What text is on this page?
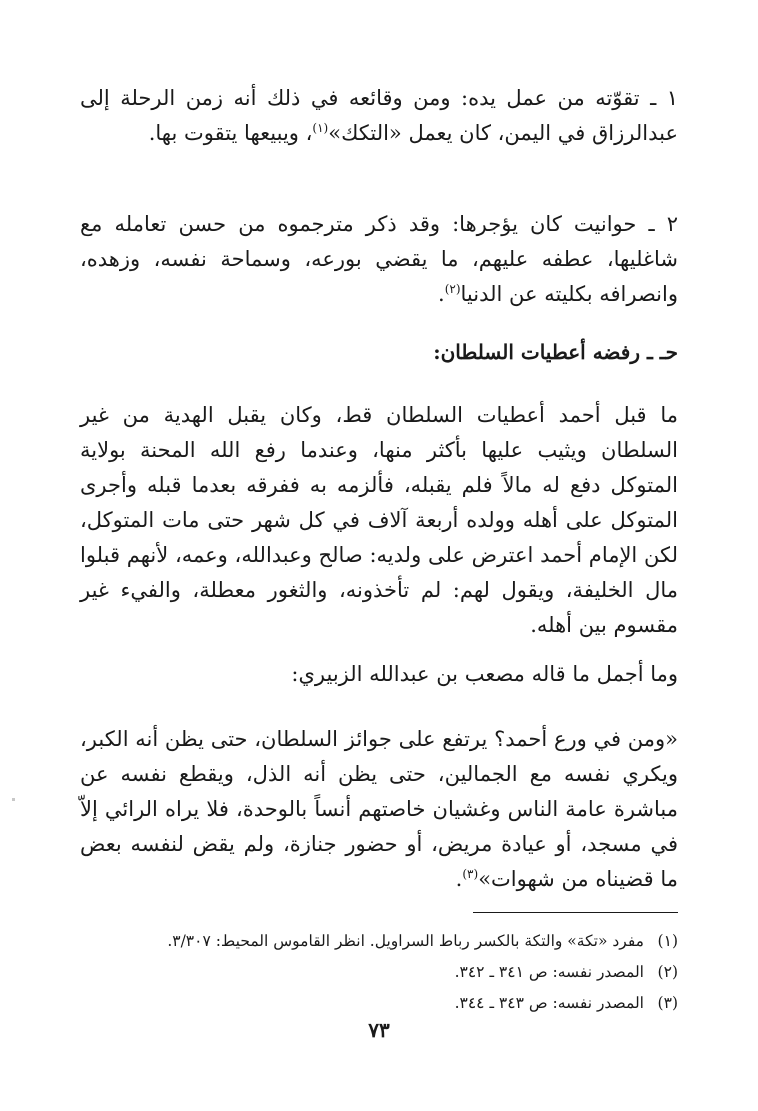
١ ـ تقوّته من عمل يده: ومن وقائعه في ذلك أنه زمن الرحلة إلى عبدالرزاق في اليمن، كان يعمل «التكك»$^{(١)}$، ويبيعها يتقوت بها.
٢ ـ حوانيت كان يؤجرها: وقد ذكر مترجموه من حسن تعامله مع شاغليها، عطفه عليهم، ما يقضي بورعه، وسماحة نفسه، وزهده، وانصرافه بكليته عن الدنيا$^{(٢)}$.
حـ ـ رفضه أعطيات السلطان:
ما قبل أحمد أعطيات السلطان قط، وكان يقبل الهدية من غير السلطان ويثيب عليها بأكثر منها، وعندما رفع الله المحنة بولاية المتوكل دفع له مالاً فلم يقبله، فألزمه به ففرقه بعدما قبله وأجرى المتوكل على أهله وولده أربعة آلاف في كل شهر حتى مات المتوكل، لكن الإمام أحمد اعترض على ولديه: صالح وعبدالله، وعمه، لأنهم قبلوا مال الخليفة، ويقول لهم: لم تأخذونه، والثغور معطلة، والفيء غير مقسوم بين أهله.
وما أجمل ما قاله مصعب بن عبدالله الزبيري:
«ومن في ورع أحمد؟ يرتفع على جوائز السلطان، حتى يظن أنه الكبر، ويكري نفسه مع الجمالين، حتى يظن أنه الذل، ويقطع نفسه عن مباشرة عامة الناس وغشيان خاصتهم أنساً بالوحدة، فلا يراه الرائي إلاّ في مسجد، أو عيادة مريض، أو حضور جنازة، ولم يقض لنفسه بعض ما قضيناه من شهوات»$^{(٣)}$.
(١)مفرد «تكة» والتكة بالكسر رباط السراويل. انظر القاموس المحيط: ٣/٣٠٧.
(٢)المصدر نفسه: ص ٣٤١ ـ ٣٤٢.
(٣)المصدر نفسه: ص ٣٤٣ ـ ٣٤٤.
٧٣
